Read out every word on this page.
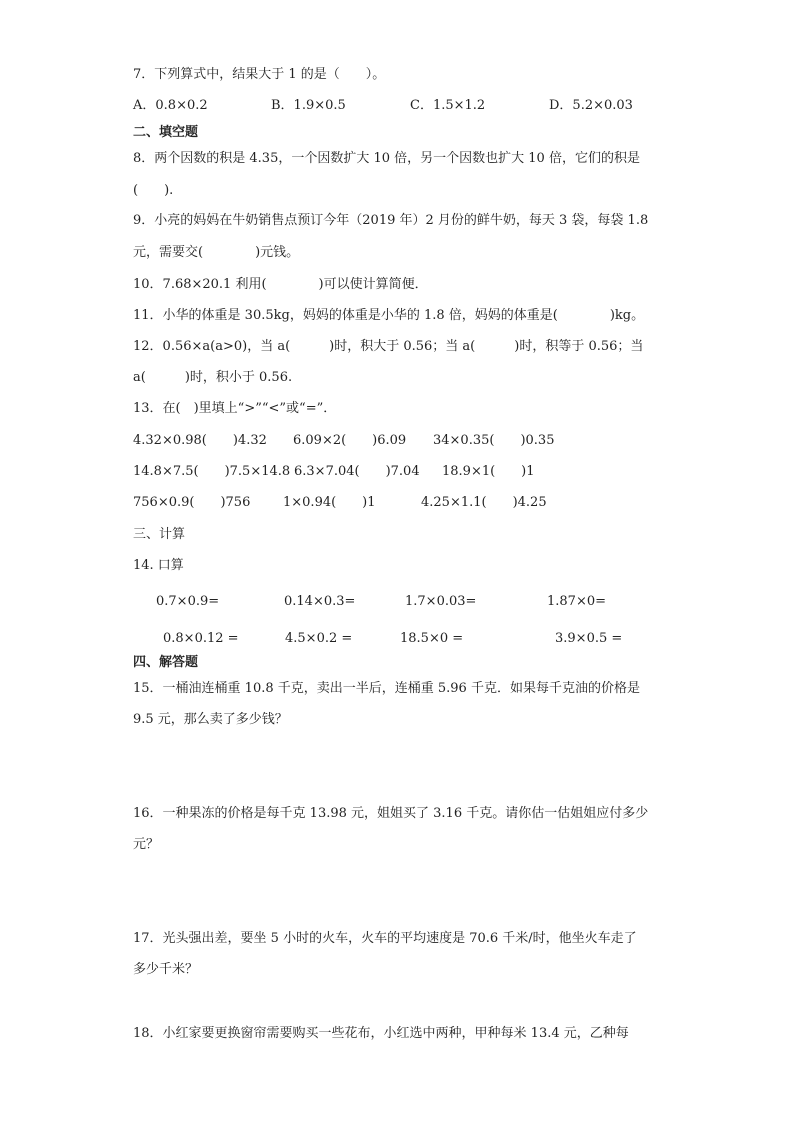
7．下列算式中，结果大于 1 的是（　　）。
A．0.8×0.2	B．1.9×0.5	C．1.5×1.2	D．5.2×0.03
二、填空题
8．两个因数的积是 4.35，一个因数扩大 10 倍，另一个因数也扩大 10 倍，它们的积是
(　　).
9．小亮的妈妈在牛奶销售点预订今年（2019 年）2 月份的鲜牛奶，每天 3 袋，每袋 1.8
元，需要交(　　　　)元钱。
10．7.68×20.1 利用(　　　　)可以使计算简便．
11．小华的体重是 30.5kg，妈妈的体重是小华的 1.8 倍，妈妈的体重是(　　　　)kg。
12．0.56×a(a>0)，当 a(　　　)时，积大于 0.56；当 a(　　　)时，积等于 0.56；当
a(　　　)时，积小于 0.56.
13．在(　)里填上“>”“<”或“=”．
4.32×0.98(　　)4.32 6.09×2(　　)6.09 34×0.35(　　)0.35
14.8×7.5(　　)7.5×14.8 6.3×7.04(　　)7.04 18.9×1(　　)1
756×0.9(　　)756	1×0.94(　　)1	4.25×1.1(　　)4.25
三、计算
14. 口算
0.7×0.9=	0.14×0.3=	1.7×0.03=	1.87×0=
0.8×0.12 =	4.5×0.2 =	18.5×0 =	3.9×0.5 =
四、解答题
15．一桶油连桶重 10.8 千克，卖出一半后，连桶重 5.96 千克．如果每千克油的价格是
9.5 元，那么卖了多少钱？
16．一种果冻的价格是每千克 13.98 元，姐姐买了 3.16 千克。请你估一估姐姐应付多少
元？
17．光头强出差，要坐 5 小时的火车，火车的平均速度是 70.6 千米/时，他坐火车走了
多少千米？
18．小红家要更换窗帘需要购买一些花布，小红选中两种，甲种每米 13.4 元，乙种每
